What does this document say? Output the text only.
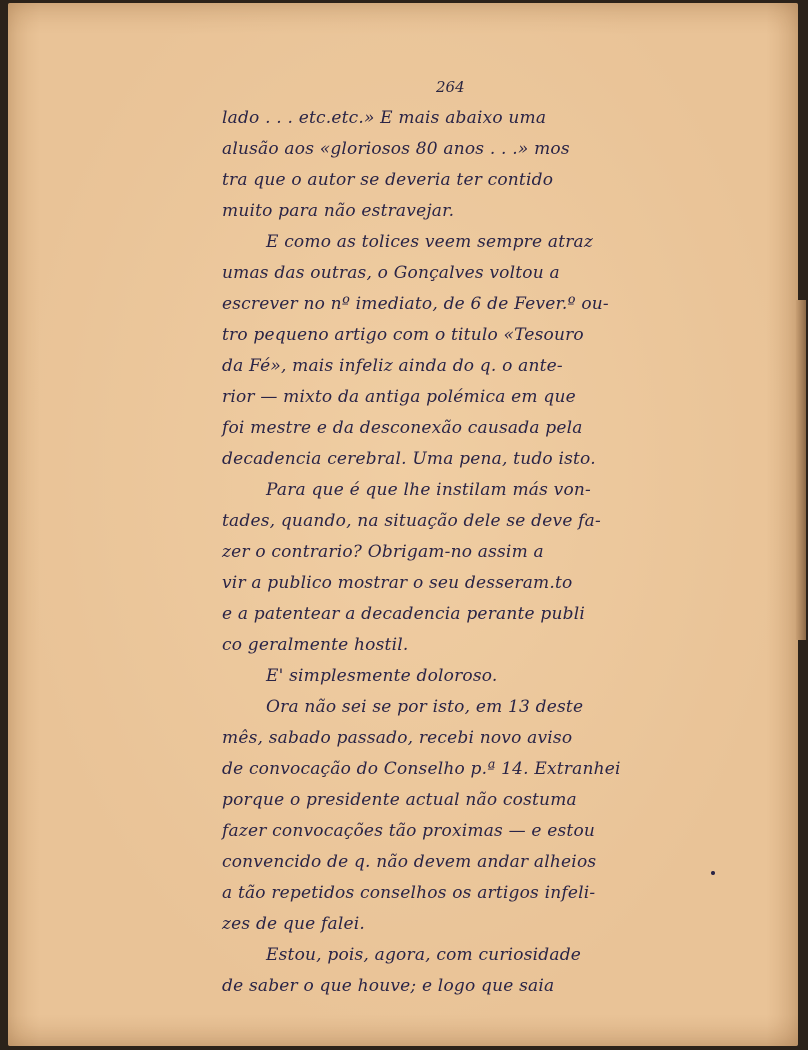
264
lado . . . etc.etc.» E mais abaixo uma
alusão aos «gloriosos 80 anos . . .» mos
tra que o autor se deveria ter contido
muito para não estravejar.
E como as tolices veem sempre atraz
umas das outras, o Gonçalves voltou a
escrever no nº imediato, de 6 de Fever.º ou-
tro pequeno artigo com o titulo «Tesouro
da Fé», mais infeliz ainda do q. o ante-
rior — mixto da antiga polémica em que
foi mestre e da desconexão causada pela
decadencia cerebral. Uma pena, tudo isto.
Para que é que lhe instilam más von-
tades, quando, na situação dele se deve fa-
zer o contrario? Obrigam-no assim a
vir a publico mostrar o seu desseram.to
e a patentear a decadencia perante publi
co geralmente hostil.
E' simplesmente doloroso.
Ora não sei se por isto, em 13 deste
mês, sabado passado, recebi novo aviso
de convocação do Conselho p.ª 14. Extranhei
porque o presidente actual não costuma
fazer convocações tão proximas — e estou
convencido de q. não devem andar alheios
a tão repetidos conselhos os artigos infeli-
zes de que falei.
Estou, pois, agora, com curiosidade
de saber o que houve; e logo que saia
